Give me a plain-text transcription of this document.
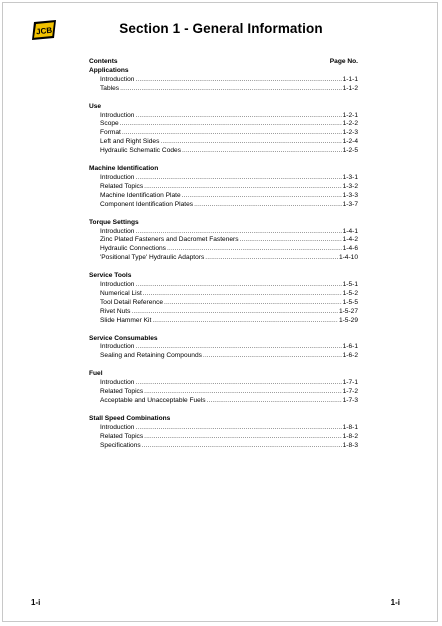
JCB	Section 1 - General Information
Contents	Page No.
Applications
Introduction .....	1-1-1
Tables .....	1-1-2
Use
Introduction .....	1-2-1
Scope .....	1-2-2
Format .....	1-2-3
Left and Right Sides .....	1-2-4
Hydraulic Schematic Codes .....	1-2-5
Machine Identification
Introduction .....	1-3-1
Related Topics .....	1-3-2
Machine Identification Plate .....	1-3-3
Component Identification Plates .....	1-3-7
Torque Settings
Introduction .....	1-4-1
Zinc Plated Fasteners and Dacromet Fasteners .....	1-4-2
Hydraulic Connections .....	1-4-6
'Positional Type' Hydraulic Adaptors .....	1-4-10
Service Tools
Introduction .....	1-5-1
Numerical List .....	1-5-2
Tool Detail Reference .....	1-5-5
Rivet Nuts .....	1-5-27
Slide Hammer Kit .....	1-5-29
Service Consumables
Introduction .....	1-6-1
Sealing and Retaining Compounds .....	1-6-2
Fuel
Introduction .....	1-7-1
Related Topics .....	1-7-2
Acceptable and Unacceptable Fuels .....	1-7-3
Stall Speed Combinations
Introduction .....	1-8-1
Related Topics .....	1-8-2
Specifications .....	1-8-3
1-i	1-i
